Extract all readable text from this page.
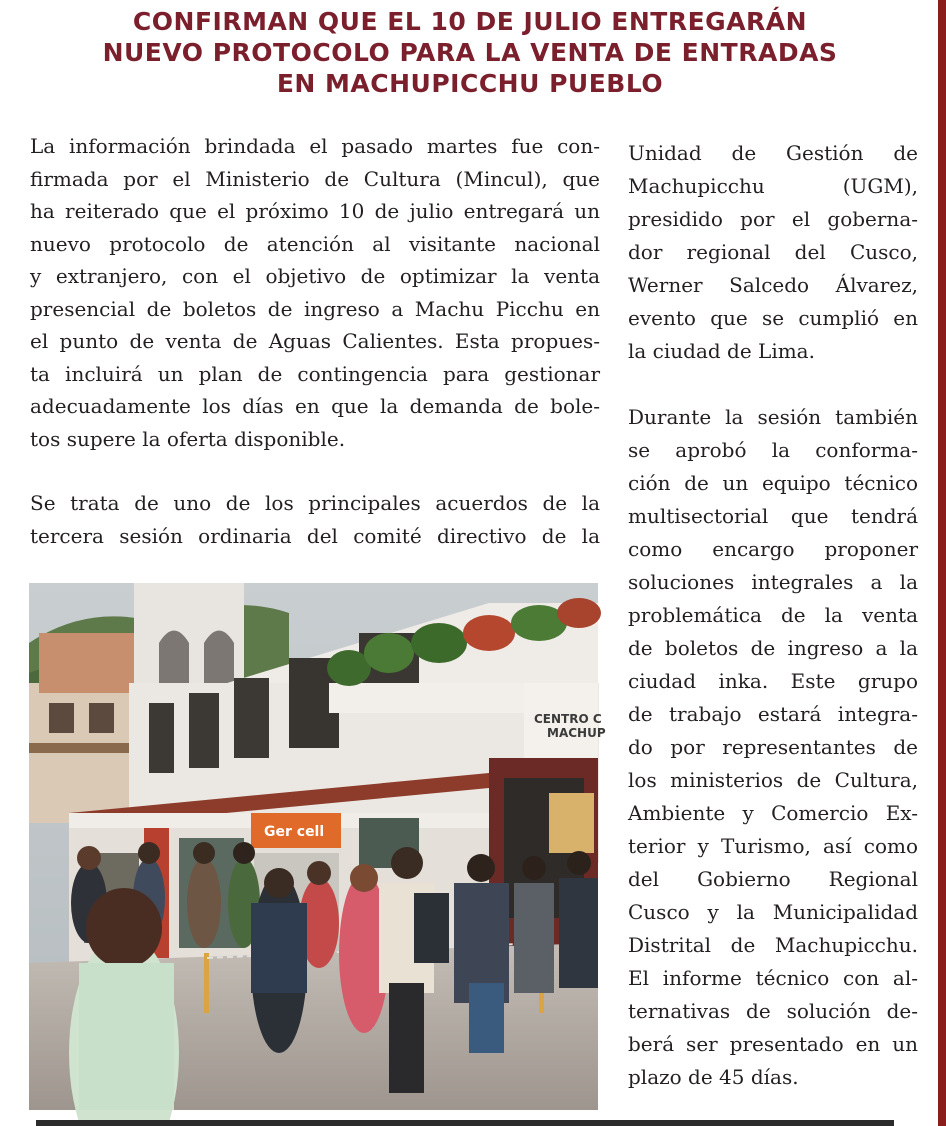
CONFIRMAN QUE EL 10 DE JULIO ENTREGARÁN
NUEVO PROTOCOLO PARA LA VENTA DE ENTRADAS
EN MACHUPICCHU PUEBLO
La información brindada el pasado martes fue con-
firmada por el Ministerio de Cultura (Mincul), que
ha reiterado que el próximo 10 de julio entregará un
nuevo protocolo de atención al visitante nacional
y extranjero, con el objetivo de optimizar la venta
presencial de boletos de ingreso a Machu Picchu en
el punto de venta de Aguas Calientes. Esta propues-
ta incluirá un plan de contingencia para gestionar
adecuadamente los días en que la demanda de bole-
tos supere la oferta disponible.
Se trata de uno de los principales acuerdos de la
tercera sesión ordinaria del comité directivo de la
CENTRO C
MACHUP
Ger cell
Unidad de Gestión de
Machupicchu (UGM),
presidido por el goberna-
dor regional del Cusco,
Werner Salcedo Álvarez,
evento que se cumplió en
la ciudad de Lima.
Durante la sesión también
se aprobó la conforma-
ción de un equipo técnico
multisectorial que tendrá
como encargo proponer
soluciones integrales a la
problemática de la venta
de boletos de ingreso a la
ciudad inka. Este grupo
de trabajo estará integra-
do por representantes de
los ministerios de Cultura,
Ambiente y Comercio Ex-
terior y Turismo, así como
del Gobierno Regional
Cusco y la Municipalidad
Distrital de Machupicchu.
El informe técnico con al-
ternativas de solución de-
berá ser presentado en un
plazo de 45 días.
